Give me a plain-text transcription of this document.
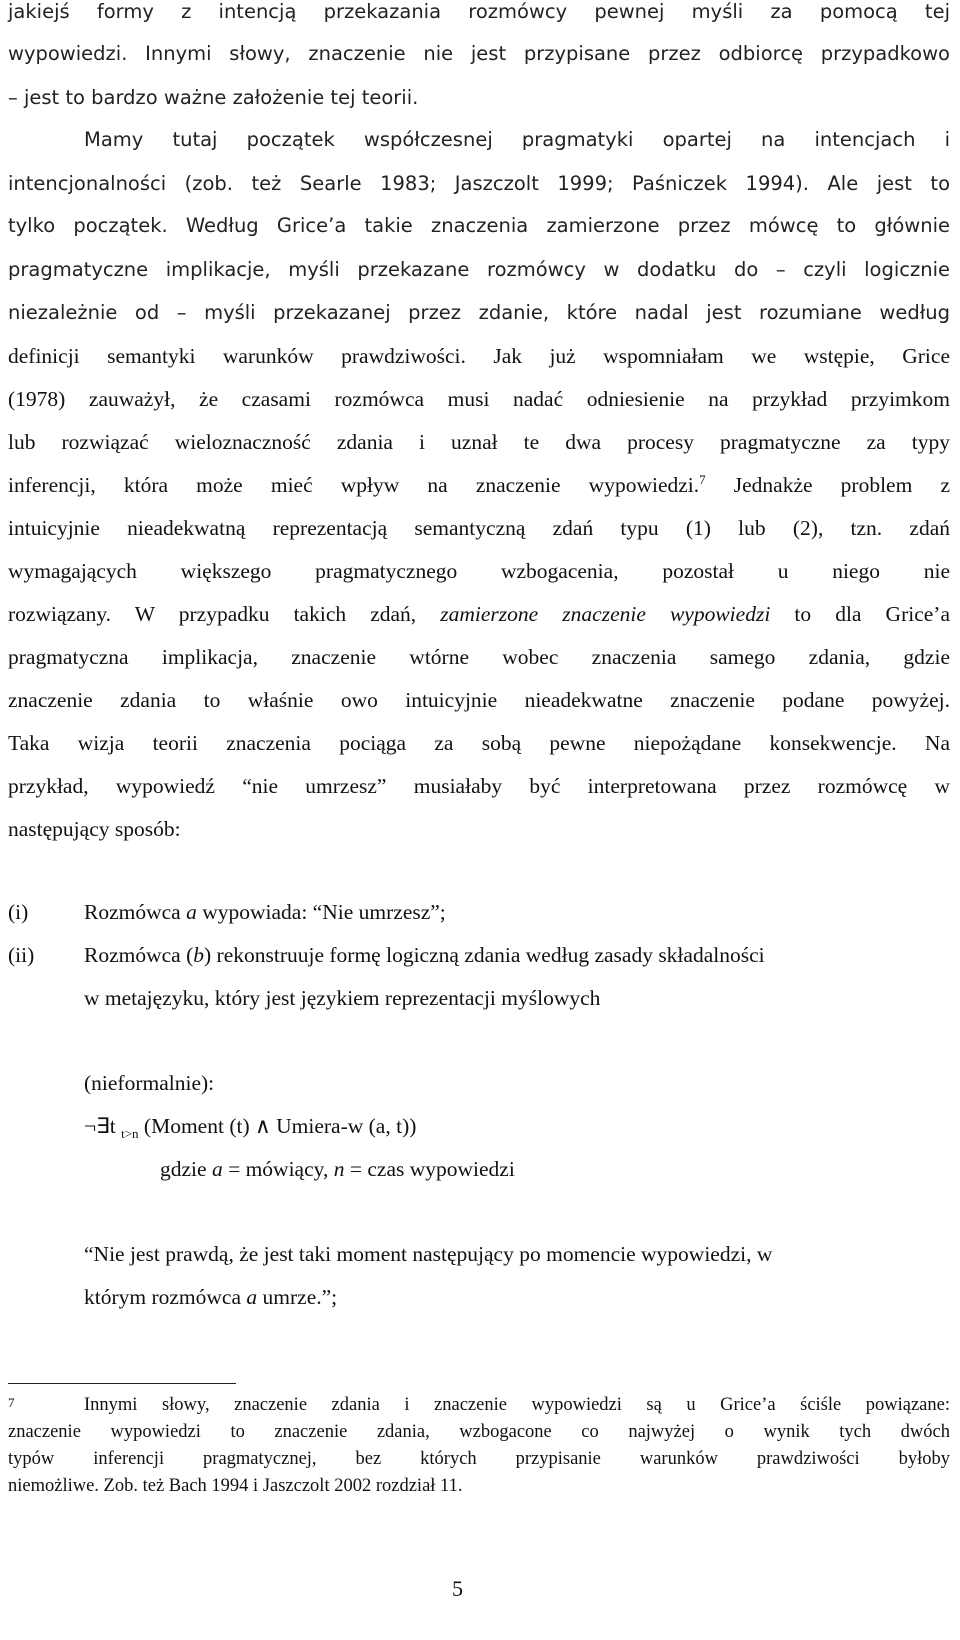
jakiejś formy z intencją przekazania rozmówcy pewnej myśli za pomocą tej
wypowiedzi. Innymi słowy, znaczenie nie jest przypisane przez odbiorcę przypadkowo
– jest to bardzo ważne założenie tej teorii.
Mamy tutaj początek współczesnej pragmatyki opartej na intencjach i
intencjonalności (zob. też Searle 1983; Jaszczolt 1999; Paśniczek 1994). Ale jest to
tylko początek. Według Grice’a takie znaczenia zamierzone przez mówcę to głównie
pragmatyczne implikacje, myśli przekazane rozmówcy w dodatku do – czyli logicznie
niezależnie od – myśli przekazanej przez zdanie, które nadal jest rozumiane według
definicji semantyki warunków prawdziwości. Jak już wspomniałam we wstępie, Grice
(1978) zauważył, że czasami rozmówca musi nadać odniesienie na przykład przyimkom
lub rozwiązać wieloznaczność zdania i uznał te dwa procesy pragmatyczne za typy
inferencji, która może mieć wpływ na znaczenie wypowiedzi.$^7$ Jednakże problem z
intuicyjnie nieadekwatną reprezentacją semantyczną zdań typu (1) lub (2), tzn. zdań
wymagających większego pragmatycznego wzbogacenia, pozostał u niego nie
rozwiązany. W przypadku takich zdań, zamierzone znaczenie wypowiedzi to dla Grice’a
pragmatyczna implikacja, znaczenie wtórne wobec znaczenia samego zdania, gdzie
znaczenie zdania to właśnie owo intuicyjnie nieadekwatne znaczenie podane powyżej.
Taka wizja teorii znaczenia pociąga za sobą pewne niepożądane konsekwencje. Na
przykład, wypowiedź “nie umrzesz” musiałaby być interpretowana przez rozmówcę w
następujący sposób:
(i)	Rozmówca a wypowiada: “Nie umrzesz”;
(ii) Rozmówca (b) rekonstruuje formę logiczną zdania według zasady składalności
w metajęzyku, który jest językiem reprezentacji myślowych
(nieformalnie):
¬∃t $_{t>n}$ (Moment (t) ∧ Umiera-w (a, t))
gdzie a = mówiący, n = czas wypowiedzi
“Nie jest prawdą, że jest taki moment następujący po momencie wypowiedzi, w
którym rozmówca a umrze.”;
7	Innymi słowy, znaczenie zdania i znaczenie wypowiedzi są u Grice’a ściśle powiązane:
znaczenie wypowiedzi to znaczenie zdania, wzbogacone co najwyżej o wynik tych dwóch
typów inferencji pragmatycznej, bez których przypisanie warunków prawdziwości byłoby
niemożliwe. Zob. też Bach 1994 i Jaszczolt 2002 rozdział 11.
5
